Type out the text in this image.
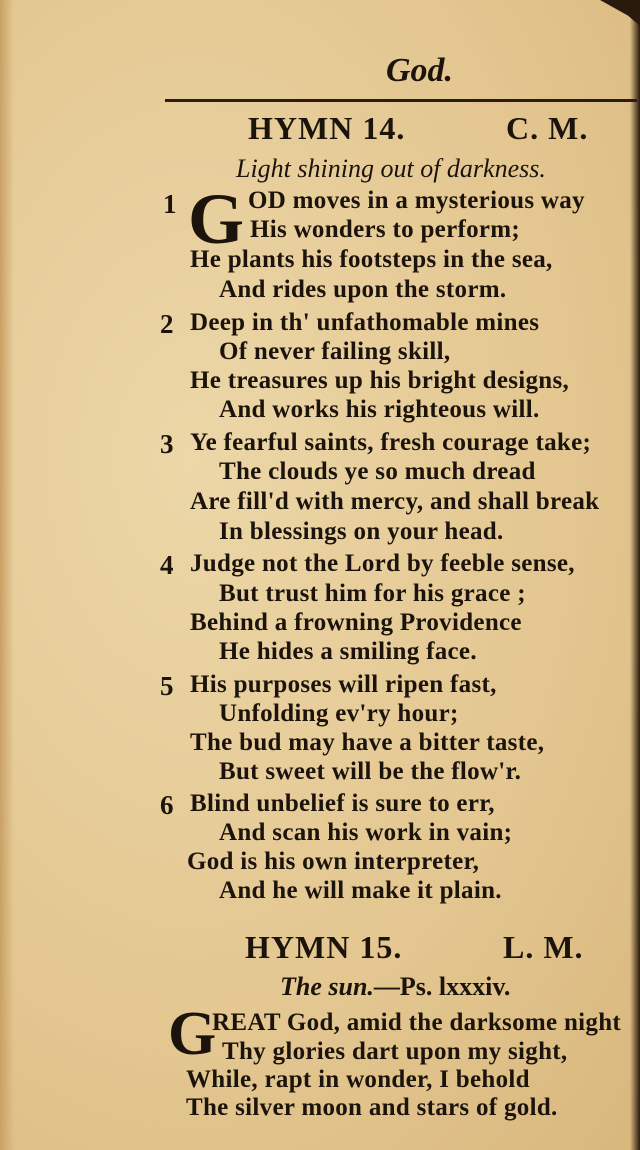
God.
HYMN 14.	C. M.
Light shining out of darkness.
1 G OD moves in a mysterious way
His wonders to perform;
He plants his footsteps in the sea,
And rides upon the storm.
2 Deep in th' unfathomable mines
Of never failing skill,
He treasures up his bright designs,
And works his righteous will.
3 Ye fearful saints, fresh courage take;
The clouds ye so much dread
Are fill'd with mercy, and shall break
In blessings on your head.
4 Judge not the Lord by feeble sense,
But trust him for his grace ;
Behind a frowning Providence
He hides a smiling face.
5 His purposes will ripen fast,
Unfolding ev'ry hour;
The bud may have a bitter taste,
But sweet will be the flow'r.
6 Blind unbelief is sure to err,
And scan his work in vain;
God is his own interpreter,
And he will make it plain.
HYMN 15.	L. M.
The sun.—Ps. lxxxiv.
G
REAT God, amid the darksome night
Thy glories dart upon my sight,
While, rapt in wonder, I behold
The silver moon and stars of gold.
